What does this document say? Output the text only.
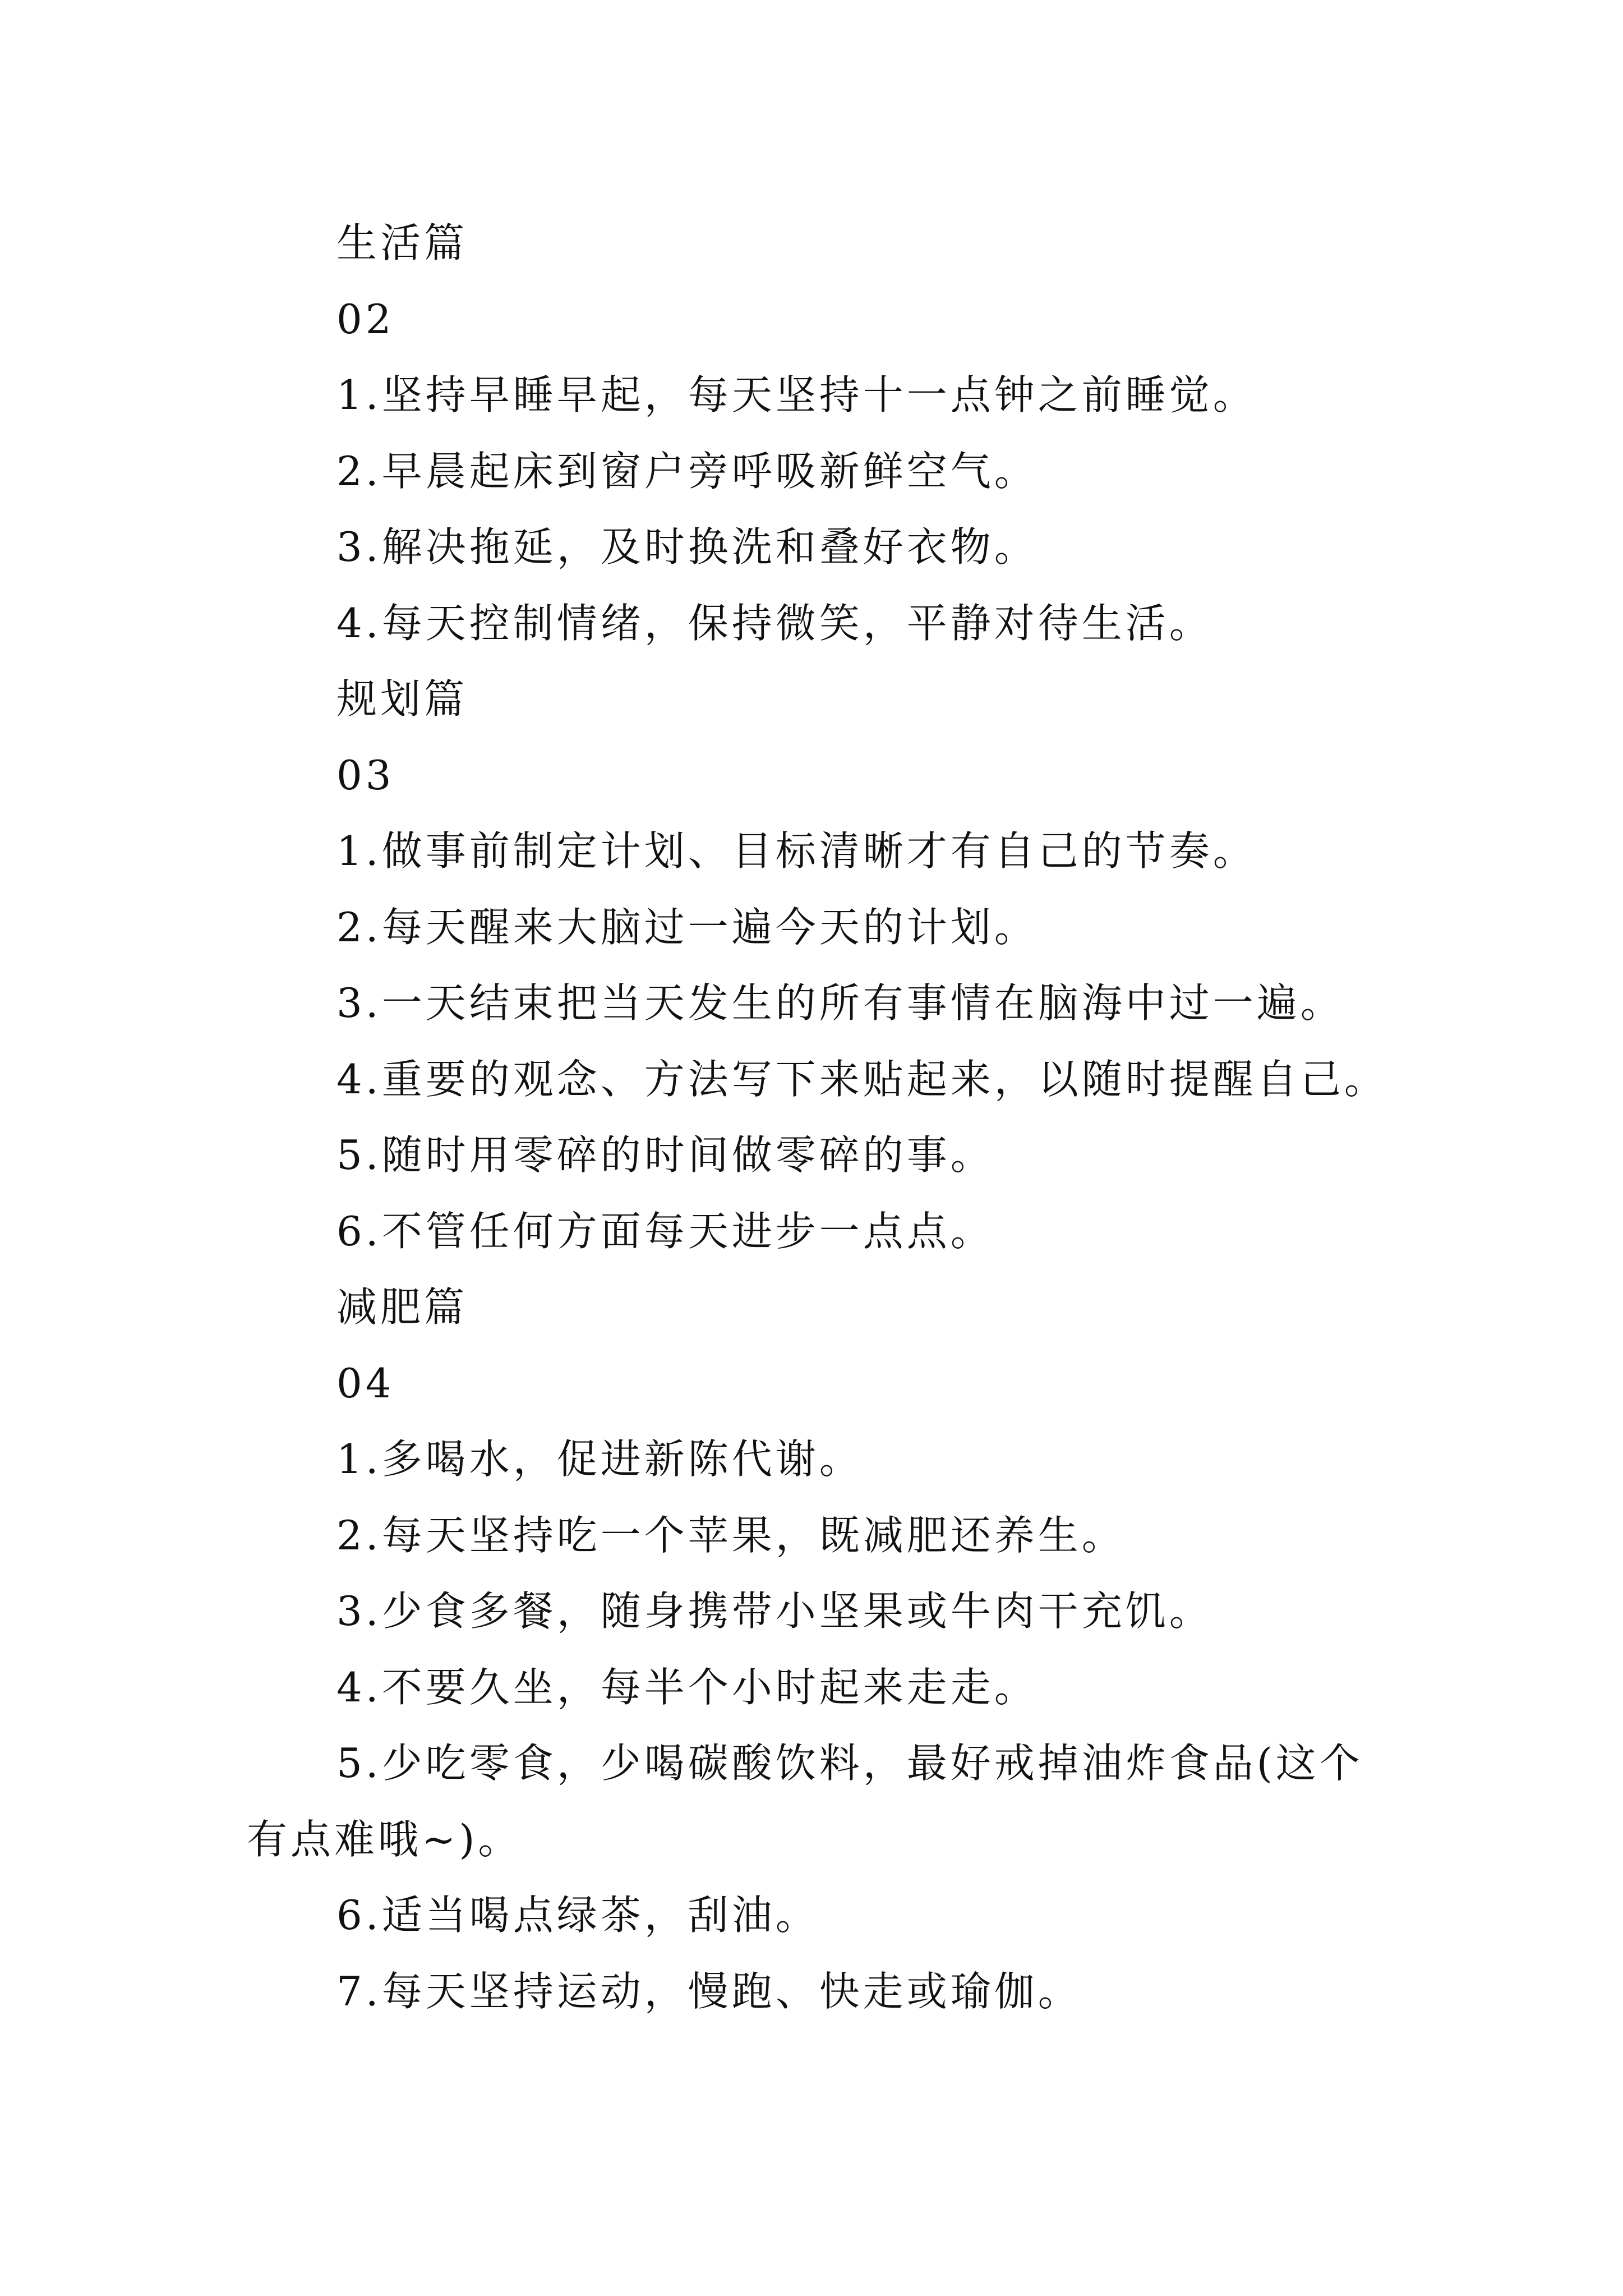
生活篇
02
1.坚持早睡早起，每天坚持十一点钟之前睡觉。
2.早晨起床到窗户旁呼吸新鲜空气。
3.解决拖延，及时换洗和叠好衣物。
4.每天控制情绪，保持微笑，平静对待生活。
规划篇
03
1.做事前制定计划、目标清晰才有自己的节奏。
2.每天醒来大脑过一遍今天的计划。
3.一天结束把当天发生的所有事情在脑海中过一遍。
4.重要的观念、方法写下来贴起来，以随时提醒自己。
5.随时用零碎的时间做零碎的事。
6.不管任何方面每天进步一点点。
减肥篇
04
1.多喝水，促进新陈代谢。
2.每天坚持吃一个苹果，既减肥还养生。
3.少食多餐，随身携带小坚果或牛肉干充饥。
4.不要久坐，每半个小时起来走走。
5.少吃零食，少喝碳酸饮料，最好戒掉油炸食品(这个
有点难哦~)。
6.适当喝点绿茶，刮油。
7.每天坚持运动，慢跑、快走或瑜伽。
